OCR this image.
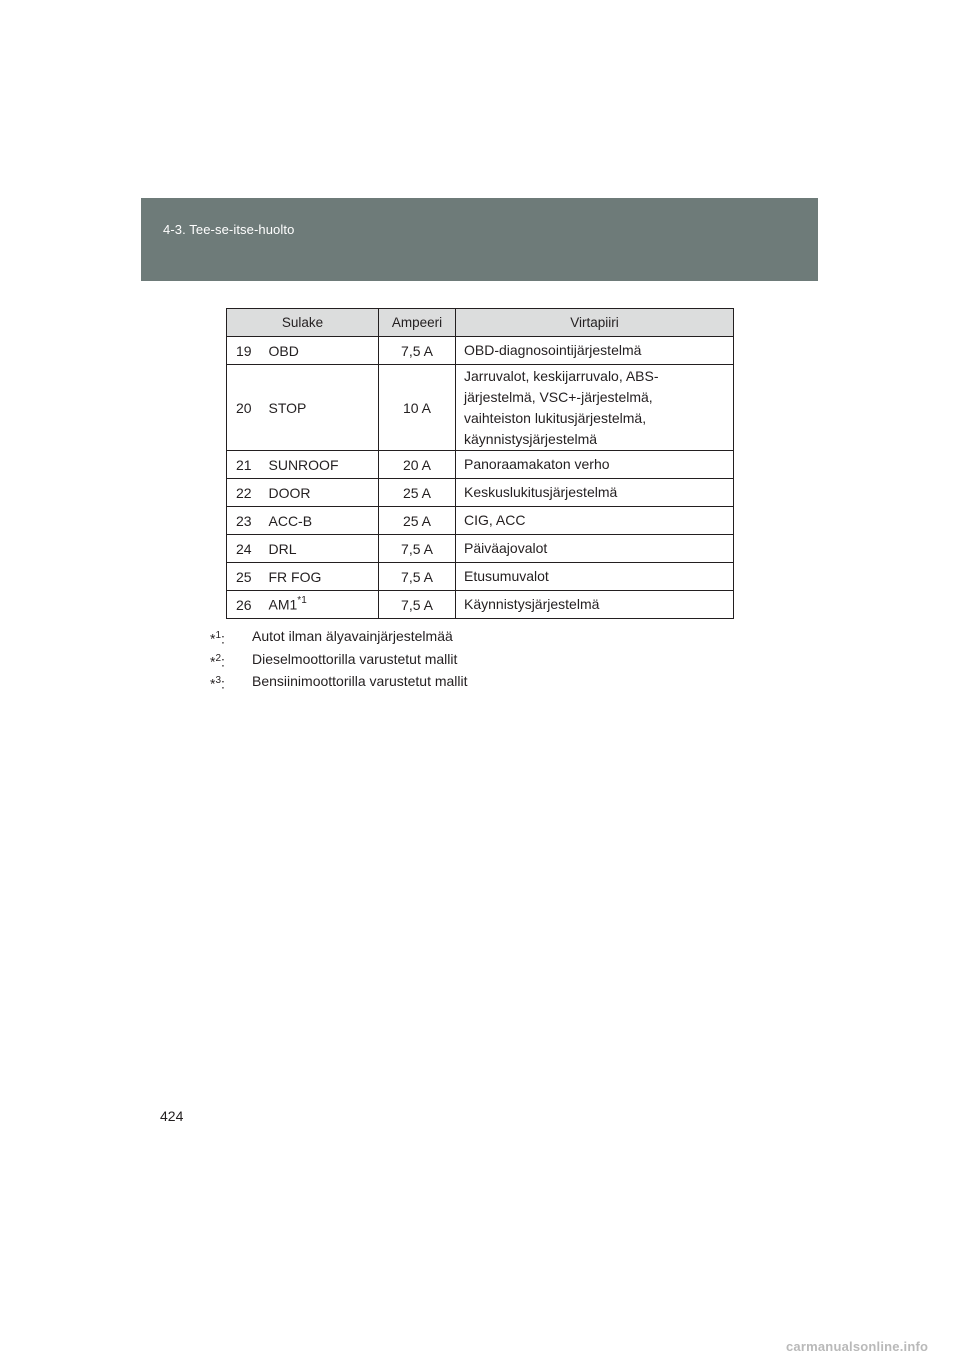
4-3. Tee-se-itse-huolto
Sulake		Ampeeri	Virtapiiri
19	OBD	7,5 A	OBD-diagnosointijärjestelmä
20	STOP	10 A	Jarruvalot, keskijarruvalo, ABS-
järjestelmä, VSC+-järjestelmä,
vaihteiston lukitusjärjestelmä,
käynnistysjärjestelmä

21	SUNROOF	20 A	Panoraamakaton verho
22	DOOR	25 A	Keskuslukitusjärjestelmä
23	ACC-B	25 A	CIG, ACC
24	DRL	7,5 A	Päiväajovalot
25	FR FOG	7,5 A	Etusumuvalot
26	AM1$^{*1}$	7,5 A	Käynnistysjärjestelmä
*$^1$:	Autot ilman älyavainjärjestelmää
*$^2$:	Dieselmoottorilla varustetut mallit
*$^3$:	Bensiinimoottorilla varustetut mallit
424
carmanualsonline.info
